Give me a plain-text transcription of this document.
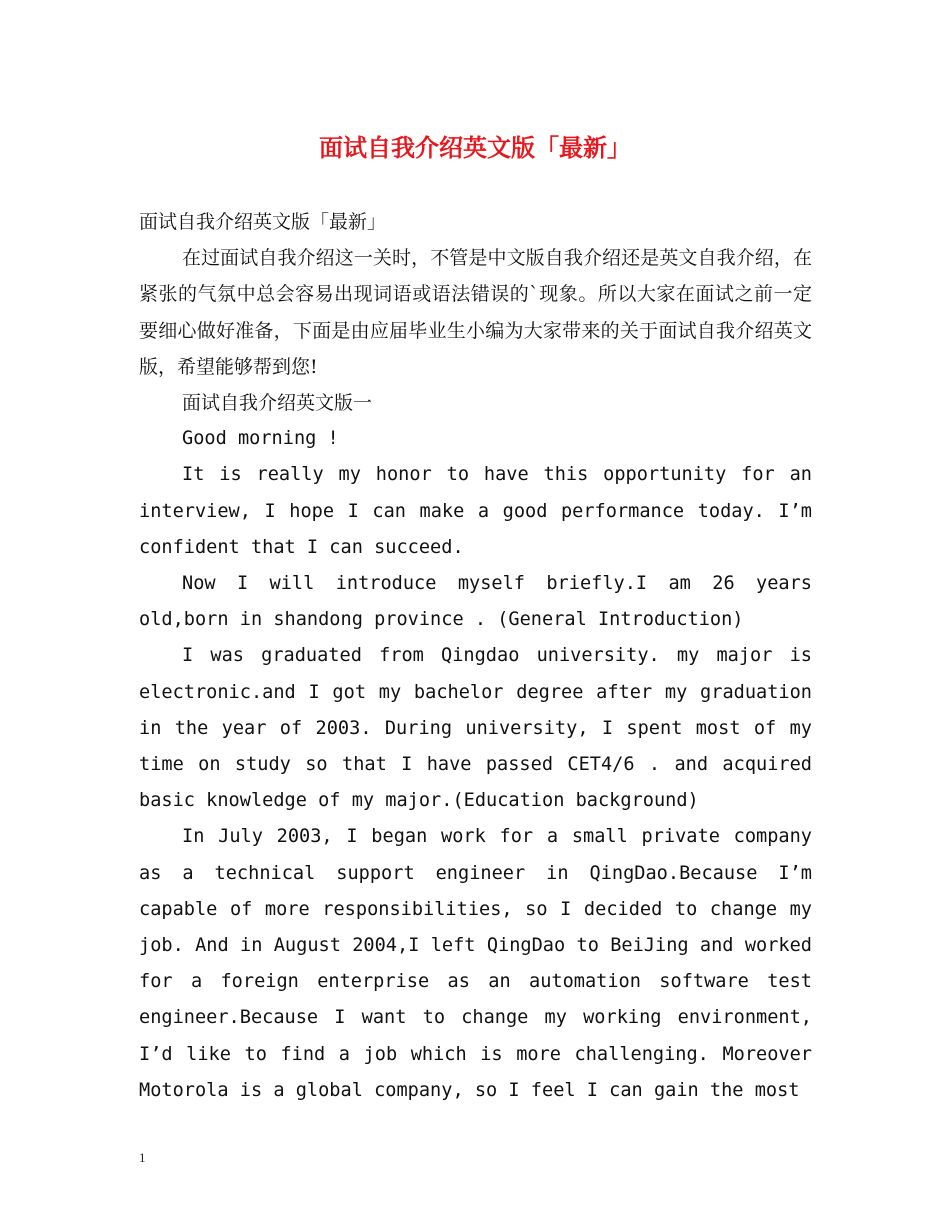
面试自我介绍英文版「最新」

面试自我介绍英文版「最新」

在过面试自我介绍这一关时，不管是中文版自我介绍还是英文自我介绍，在紧张的气氛中总会容易出现词语或语法错误的`现象。所以大家在面试之前一定要细心做好准备，下面是由应届毕业生小编为大家带来的关于面试自我介绍英文版，希望能够帮到您!

面试自我介绍英文版一

Good morning !

It is really my honor to have this opportunity for an interview, I hope I can make a good performance today. I’m confident that I can succeed.

Now I will introduce myself briefly.I am 26 years old,born in shandong province . (General Introduction)

I was graduated from Qingdao university. my major is electronic.and I got my bachelor degree after my graduation in the year of 2003. During university, I spent most of my time on study so that I have passed CET4/6 . and acquired basic knowledge of my major.(Education background)

In July 2003, I began work for a small private company as a technical support engineer in QingDao.Because I’m capable of more responsibilities, so I decided to change my job. And in August 2004,I left QingDao to BeiJing and worked for a foreign enterprise as an automation software test engineer.Because I want to change my working environment, I’d like to find a job which is more challenging. Moreover Motorola is a global company, so I feel I can gain the most

1
